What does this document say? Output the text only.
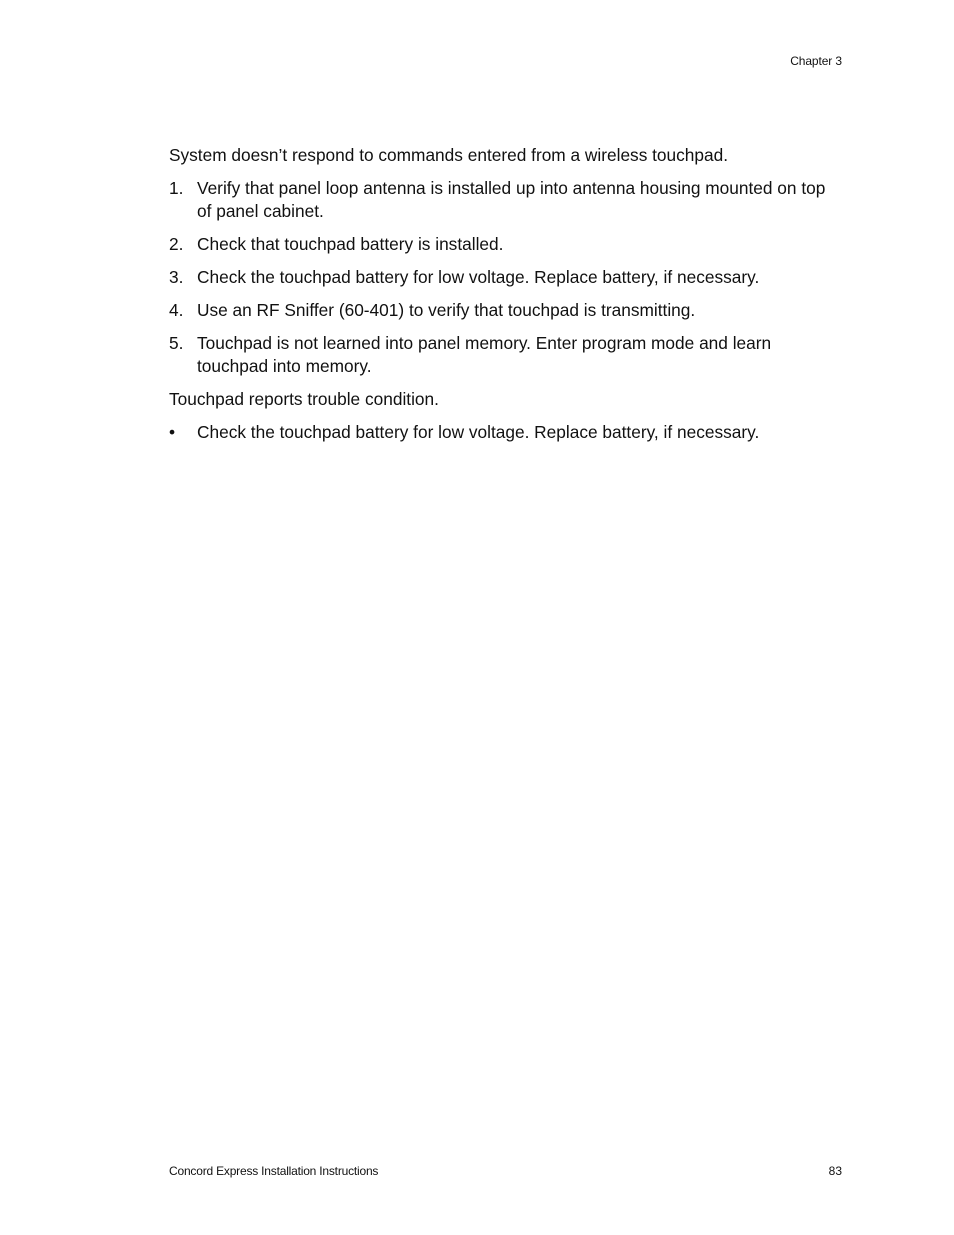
Chapter 3

System doesn’t respond to commands entered from a wireless touchpad.

1. Verify that panel loop antenna is installed up into antenna housing mounted on top of panel cabinet.
2. Check that touchpad battery is installed.
3. Check the touchpad battery for low voltage. Replace battery, if necessary.
4. Use an RF Sniffer (60-401) to verify that touchpad is transmitting.
5. Touchpad is not learned into panel memory. Enter program mode and learn touchpad into memory.

Touchpad reports trouble condition.

• Check the touchpad battery for low voltage. Replace battery, if necessary.
Concord Express Installation Instructions	83
